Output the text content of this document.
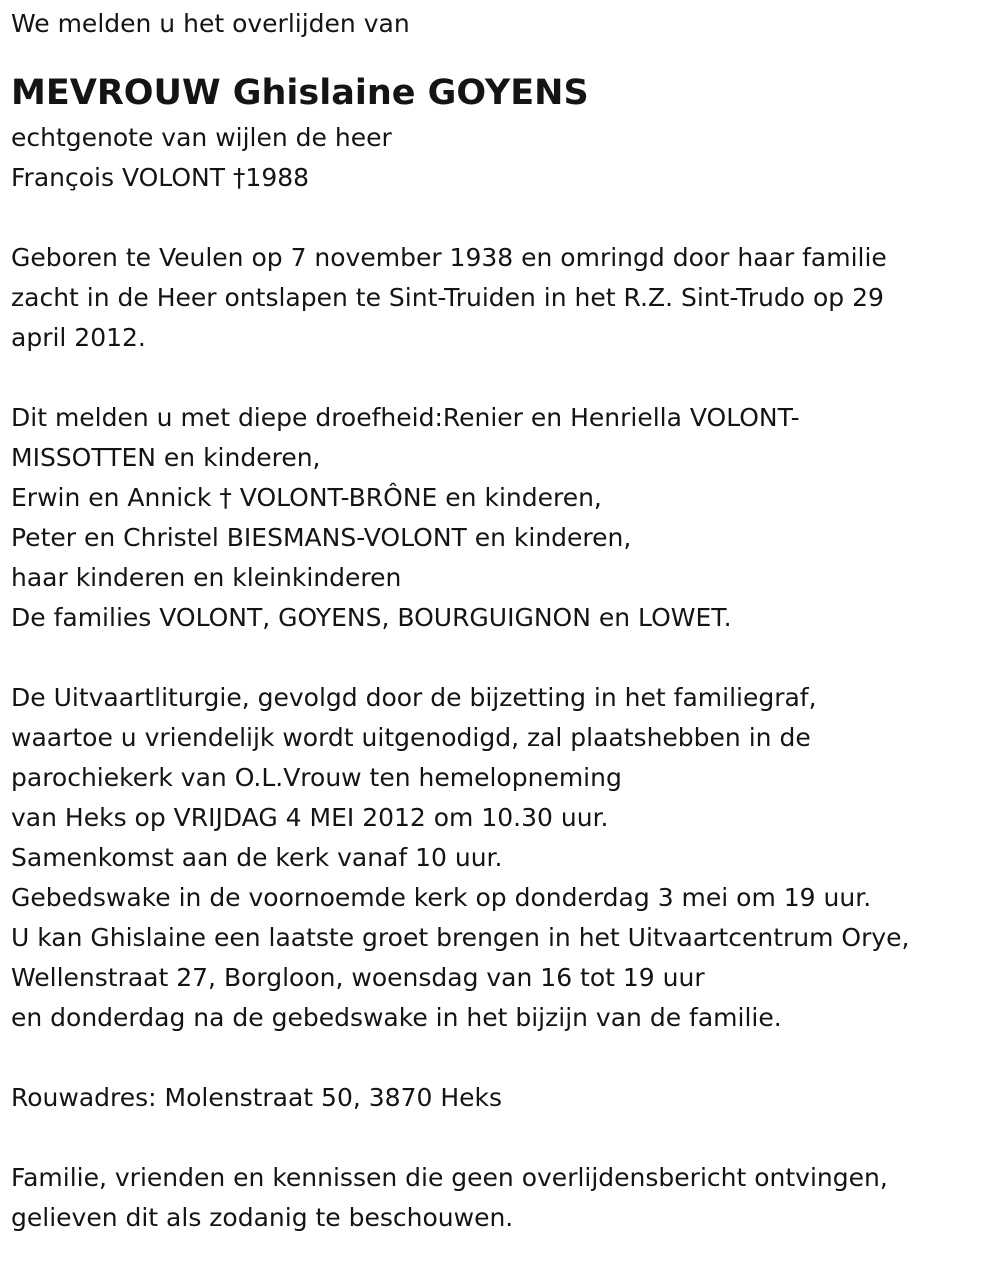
We melden u het overlijden van

MEVROUW Ghislaine GOYENS

echtgenote van wijlen de heer

François VOLONT †1988

Geboren te Veulen op 7 november 1938 en omringd door haar familie

zacht in de Heer ontslapen te Sint-Truiden in het R.Z. Sint-Trudo op 29

april 2012.

Dit melden u met diepe droefheid:Renier en Henriella VOLONT-

MISSOTTEN en kinderen,

Erwin en Annick † VOLONT-BRÔNE en kinderen,

Peter en Christel BIESMANS-VOLONT en kinderen,

haar kinderen en kleinkinderen

De families VOLONT, GOYENS, BOURGUIGNON en LOWET.

De Uitvaartliturgie, gevolgd door de bijzetting in het familiegraf,

waartoe u vriendelijk wordt uitgenodigd, zal plaatshebben in de

parochiekerk van O.L.Vrouw ten hemelopneming

van Heks op VRIJDAG 4 MEI 2012 om 10.30 uur.

Samenkomst aan de kerk vanaf 10 uur.

Gebedswake in de voornoemde kerk op donderdag 3 mei om 19 uur.

U kan Ghislaine een laatste groet brengen in het Uitvaartcentrum Orye,

Wellenstraat 27, Borgloon, woensdag van 16 tot 19 uur

en donderdag na de gebedswake in het bijzijn van de familie.

Rouwadres: Molenstraat 50, 3870 Heks

Familie, vrienden en kennissen die geen overlijdensbericht ontvingen,

gelieven dit als zodanig te beschouwen.
